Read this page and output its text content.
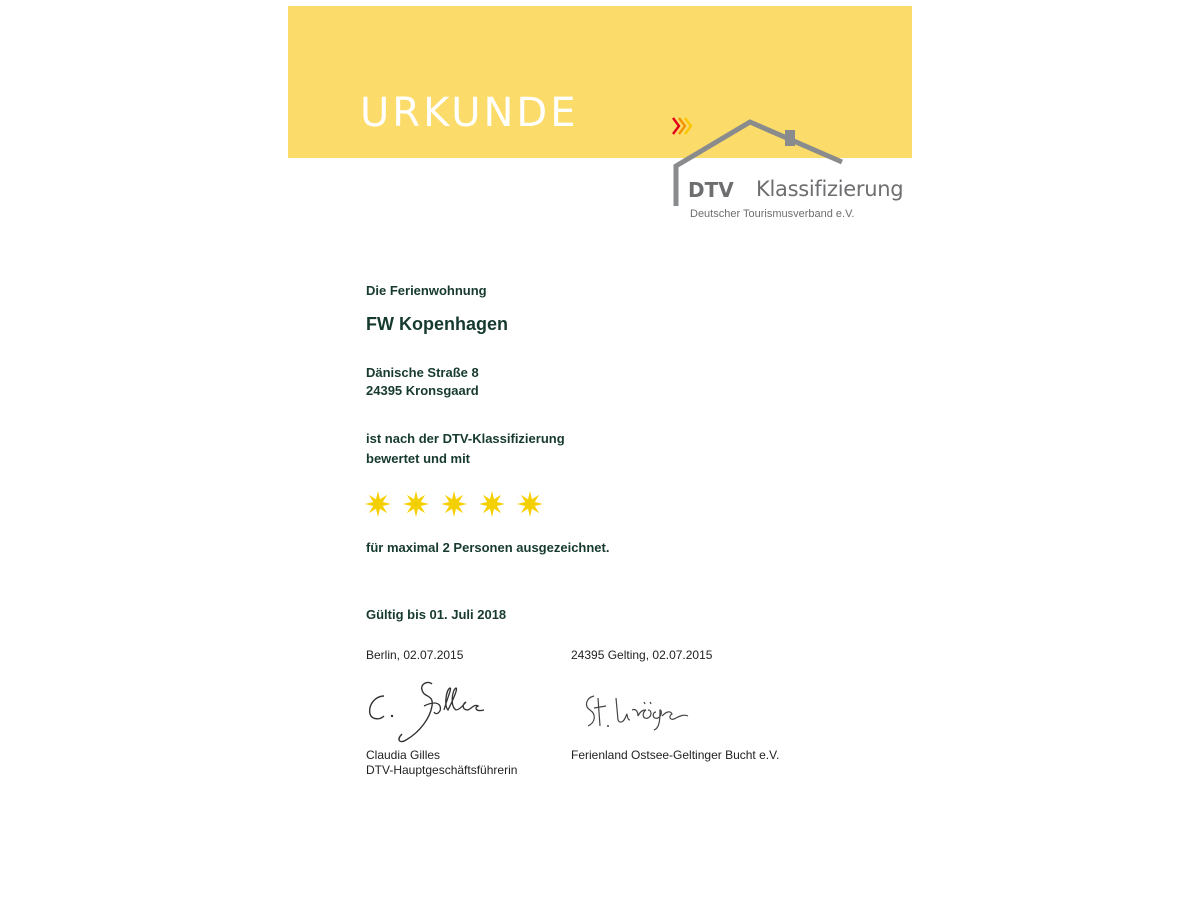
URKUNDE
DTV Klassifizierung
Deutscher Tourismusverband e.V.
Die Ferienwohnung
FW Kopenhagen
Dänische Straße 8
24395 Kronsgaard
ist nach der DTV-Klassifizierung
bewertet und mit
für maximal 2 Personen ausgezeichnet.
Gültig bis 01. Juli 2018
Berlin, 02.07.2015	24395 Gelting, 02.07.2015
Claudia Gilles
DTV-Hauptgeschäftsführerin
Ferienland Ostsee-Geltinger Bucht e.V.
